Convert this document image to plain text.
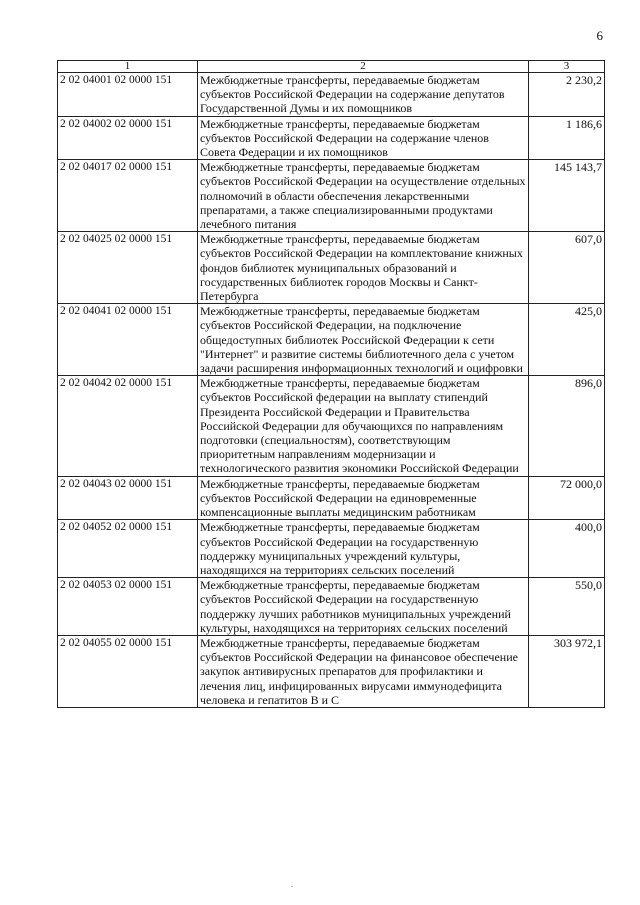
6
1	2	3
2 02 04001 02 0000 151	Межбюджетные трансферты, передаваемые бюджетам субъектов Российской Федерации на содержание депутатов Государственной Думы и их помощников	2 230,2
2 02 04002 02 0000 151	Межбюджетные трансферты, передаваемые бюджетам субъектов Российской Федерации на содержание членов Совета Федерации и их помощников	1 186,6
2 02 04017 02 0000 151	Межбюджетные трансферты, передаваемые бюджетам субъектов Российской Федерации на осуществление отдельных полномочий в области обеспечения лекарственными препаратами, а также специализированными продуктами лечебного питания	145 143,7
2 02 04025 02 0000 151	Межбюджетные трансферты, передаваемые бюджетам субъектов Российской Федерации на комплектование книжных фондов библиотек муниципальных образований и государственных библиотек городов Москвы и Санкт-Петербурга	607,0
2 02 04041 02 0000 151	Межбюджетные трансферты, передаваемые бюджетам субъектов Российской Федерации, на подключение общедоступных библиотек Российской Федерации к сети "Интернет" и развитие системы библиотечного дела с учетом задачи расширения информационных технологий и оцифровки	425,0
2 02 04042 02 0000 151	Межбюджетные трансферты, передаваемые бюджетам субъектов Российской федерации на выплату стипендий Президента Российской Федерации и Правительства Российской Федерации для обучающихся по направлениям подготовки (специальностям), соответствующим приоритетным направлениям модернизации и технологического развития экономики Российской Федерации	896,0
2 02 04043 02 0000 151	Межбюджетные трансферты, передаваемые бюджетам субъектов Российской Федерации на единовременные компенсационные выплаты медицинским работникам	72 000,0
2 02 04052 02 0000 151	Межбюджетные трансферты, передаваемые бюджетам субъектов Российской Федерации на государственную поддержку муниципальных учреждений культуры, находящихся на территориях сельских поселений	400,0
2 02 04053 02 0000 151	Межбюджетные трансферты, передаваемые бюджетам субъектов Российской Федерации на государственную поддержку лучших работников муниципальных учреждений культуры, находящихся на территориях сельских поселений	550,0
2 02 04055 02 0000 151	Межбюджетные трансферты, передаваемые бюджетам субъектов Российской Федерации на финансовое обеспечение закупок антивирусных препаратов для профилактики и лечения лиц, инфицированных вирусами иммунодефицита человека и гепатитов В и С	303 972,1
